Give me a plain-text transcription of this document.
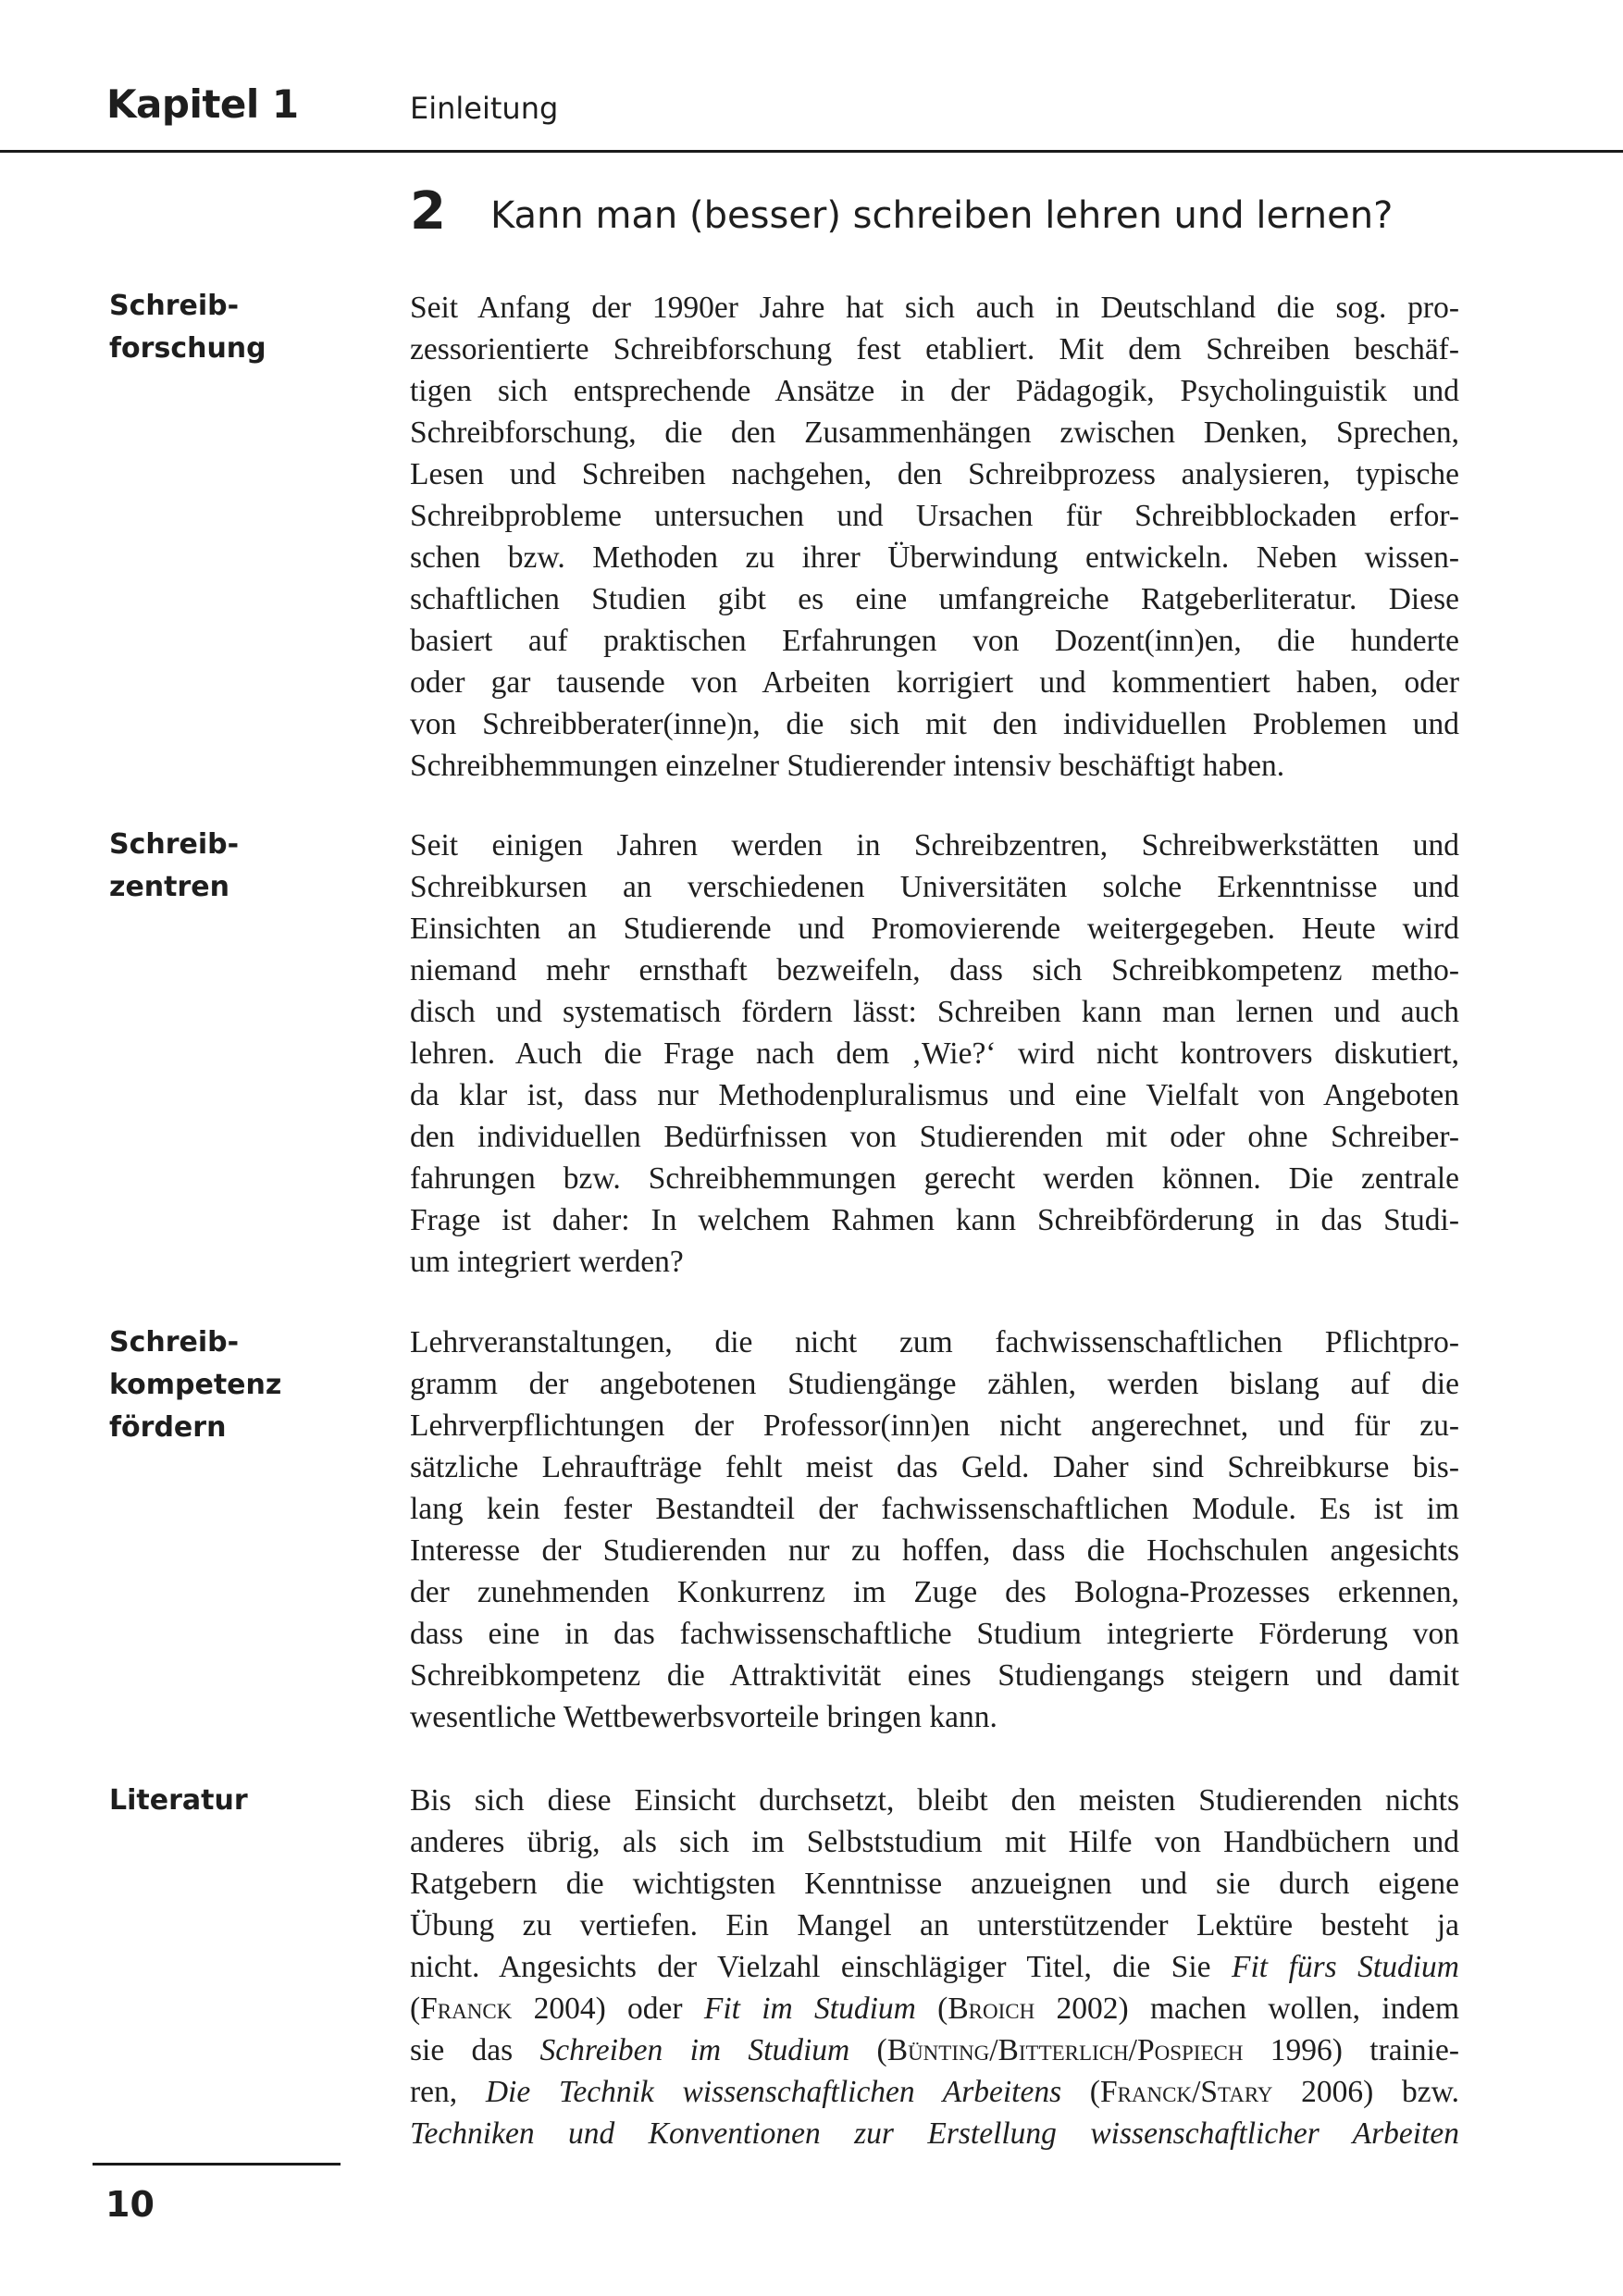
Kapitel 1	Einleitung
2 Kann man (besser) schreiben lehren und lernen?
Schreib-
forschung
Schreib-
zentren
Schreib-
kompetenz
fördern
Literatur
Seit Anfang der 1990er Jahre hat sich auch in Deutschland die sog. pro-
zessorientierte Schreibforschung fest etabliert. Mit dem Schreiben beschäf-
tigen sich entsprechende Ansätze in der Pädagogik, Psycholinguistik und
Schreibforschung, die den Zusammenhängen zwischen Denken, Sprechen,
Lesen und Schreiben nachgehen, den Schreibprozess analysieren, typische
Schreibprobleme untersuchen und Ursachen für Schreibblockaden erfor-
schen bzw. Methoden zu ihrer Überwindung entwickeln. Neben wissen-
schaftlichen Studien gibt es eine umfangreiche Ratgeberliteratur. Diese
basiert auf praktischen Erfahrungen von Dozent(inn)en, die hunderte
oder gar tausende von Arbeiten korrigiert und kommentiert haben, oder
von Schreibberater(inne)n, die sich mit den individuellen Problemen und
Schreibhemmungen einzelner Studierender intensiv beschäftigt haben.
Seit einigen Jahren werden in Schreibzentren, Schreibwerkstätten und
Schreibkursen an verschiedenen Universitäten solche Erkenntnisse und
Einsichten an Studierende und Promovierende weitergegeben. Heute wird
niemand mehr ernsthaft bezweifeln, dass sich Schreibkompetenz metho-
disch und systematisch fördern lässt: Schreiben kann man lernen und auch
lehren. Auch die Frage nach dem ‚Wie?‘ wird nicht kontrovers diskutiert,
da klar ist, dass nur Methodenpluralismus und eine Vielfalt von Angeboten
den individuellen Bedürfnissen von Studierenden mit oder ohne Schreiber-
fahrungen bzw. Schreibhemmungen gerecht werden können. Die zentrale
Frage ist daher: In welchem Rahmen kann Schreibförderung in das Studi-
um integriert werden?
Lehrveranstaltungen, die nicht zum fachwissenschaftlichen Pflichtpro-
gramm der angebotenen Studiengänge zählen, werden bislang auf die
Lehrverpflichtungen der Professor(inn)en nicht angerechnet, und für zu-
sätzliche Lehraufträge fehlt meist das Geld. Daher sind Schreibkurse bis-
lang kein fester Bestandteil der fachwissenschaftlichen Module. Es ist im
Interesse der Studierenden nur zu hoffen, dass die Hochschulen angesichts
der zunehmenden Konkurrenz im Zuge des Bologna-Prozesses erkennen,
dass eine in das fachwissenschaftliche Studium integrierte Förderung von
Schreibkompetenz die Attraktivität eines Studiengangs steigern und damit
wesentliche Wettbewerbsvorteile bringen kann.
Bis sich diese Einsicht durchsetzt, bleibt den meisten Studierenden nichts
anderes übrig, als sich im Selbststudium mit Hilfe von Handbüchern und
Ratgebern die wichtigsten Kenntnisse anzueignen und sie durch eigene
Übung zu vertiefen. Ein Mangel an unterstützender Lektüre besteht ja
nicht. Angesichts der Vielzahl einschlägiger Titel, die Sie Fit fürs Studium
(Franck 2004) oder Fit im Studium (Broich 2002) machen wollen, indem
sie das Schreiben im Studium (Bünting/Bitterlich/Pospiech 1996) trainie-
ren, Die Technik wissenschaftlichen Arbeitens (Franck/Stary 2006) bzw.
Techniken und Konventionen zur Erstellung wissenschaftlicher Arbeiten
10
